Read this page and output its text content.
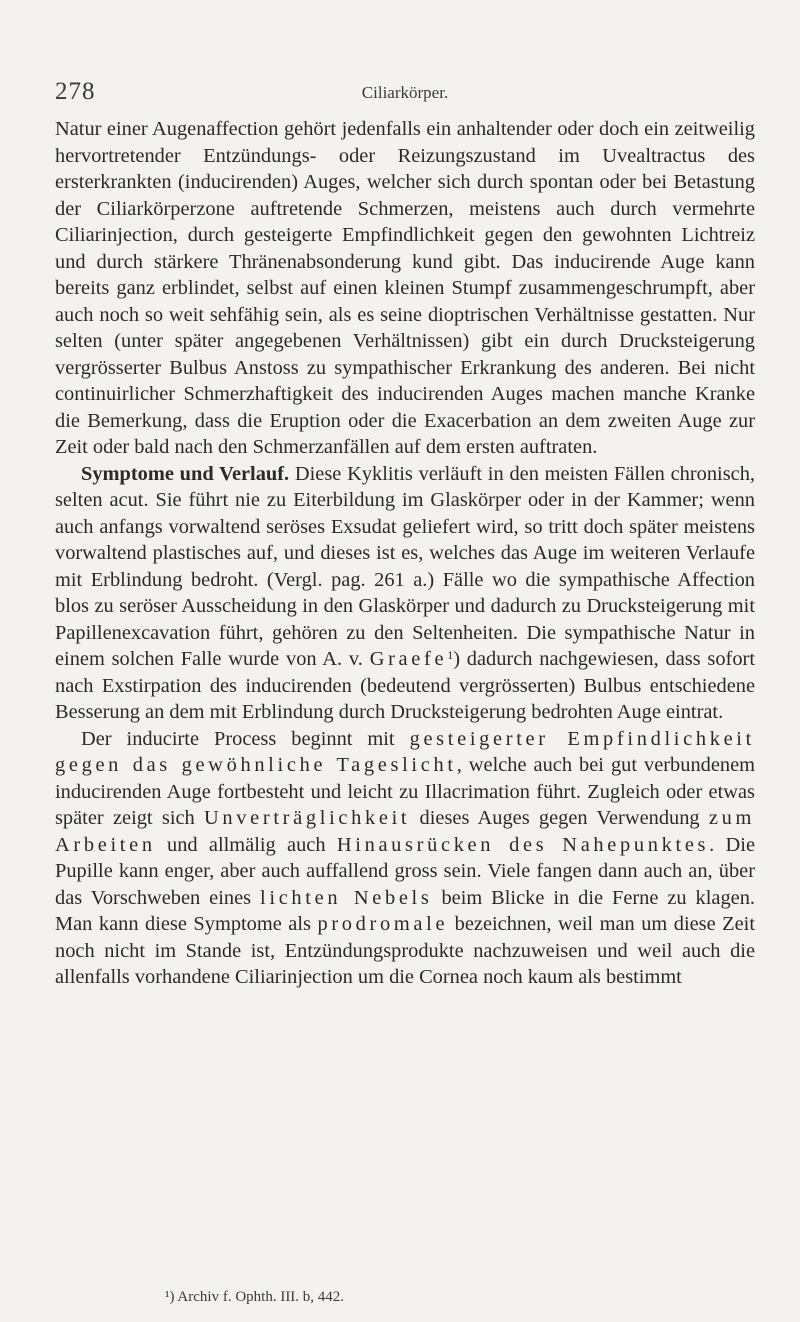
278	Ciliarkörper.

Natur einer Augenaffection gehört jedenfalls ein anhaltender oder doch ein zeitweilig hervortretender Entzündungs- oder Reizungszustand im Uvealtractus des ersterkrankten (inducirenden) Auges, welcher sich durch spontan oder bei Betastung der Ciliarkörperzone auftretende Schmerzen, meistens auch durch vermehrte Ciliarinjection, durch gesteigerte Empfindlichkeit gegen den gewohnten Lichtreiz und durch stärkere Thränenabsonderung kund gibt. Das inducirende Auge kann bereits ganz erblindet, selbst auf einen kleinen Stumpf zusammengeschrumpft, aber auch noch so weit sehfähig sein, als es seine dioptrischen Verhältnisse gestatten. Nur selten (unter später angegebenen Verhältnissen) gibt ein durch Drucksteigerung vergrösserter Bulbus Anstoss zu sympathischer Erkrankung des anderen. Bei nicht continuirlicher Schmerzhaftigkeit des inducirenden Auges machen manche Kranke die Bemerkung, dass die Eruption oder die Exacerbation an dem zweiten Auge zur Zeit oder bald nach den Schmerzanfällen auf dem ersten auftraten.

Symptome und Verlauf. Diese Kyklitis verläuft in den meisten Fällen chronisch, selten acut. Sie führt nie zu Eiterbildung im Glaskörper oder in der Kammer; wenn auch anfangs vorwaltend seröses Exsudat geliefert wird, so tritt doch später meistens vorwaltend plastisches auf, und dieses ist es, welches das Auge im weiteren Verlaufe mit Erblindung bedroht. (Vergl. pag. 261 a.) Fälle wo die sympathische Affection blos zu seröser Ausscheidung in den Glaskörper und dadurch zu Drucksteigerung mit Papillenexcavation führt, gehören zu den Seltenheiten. Die sympathische Natur in einem solchen Falle wurde von A. v. Graefe$^1$) dadurch nachgewiesen, dass sofort nach Exstirpation des inducirenden (bedeutend vergrösserten) Bulbus entschiedene Besserung an dem mit Erblindung durch Drucksteigerung bedrohten Auge eintrat.

Der inducirte Process beginnt mit gesteigerter Empfindlichkeit gegen das gewöhnliche Tageslicht, welche auch bei gut verbundenem inducirenden Auge fortbesteht und leicht zu Illacrimation führt. Zugleich oder etwas später zeigt sich Unverträglichkeit dieses Auges gegen Verwendung zum Arbeiten und allmälig auch Hinausrücken des Nahepunktes. Die Pupille kann enger, aber auch auffallend gross sein. Viele fangen dann auch an, über das Vorschweben eines lichten Nebels beim Blicke in die Ferne zu klagen. Man kann diese Symptome als prodromale bezeichnen, weil man um diese Zeit noch nicht im Stande ist, Entzündungsprodukte nachzuweisen und weil auch die allenfalls vorhandene Ciliarinjection um die Cornea noch kaum als bestimmt

¹) Archiv f. Ophth. III. b, 442.
